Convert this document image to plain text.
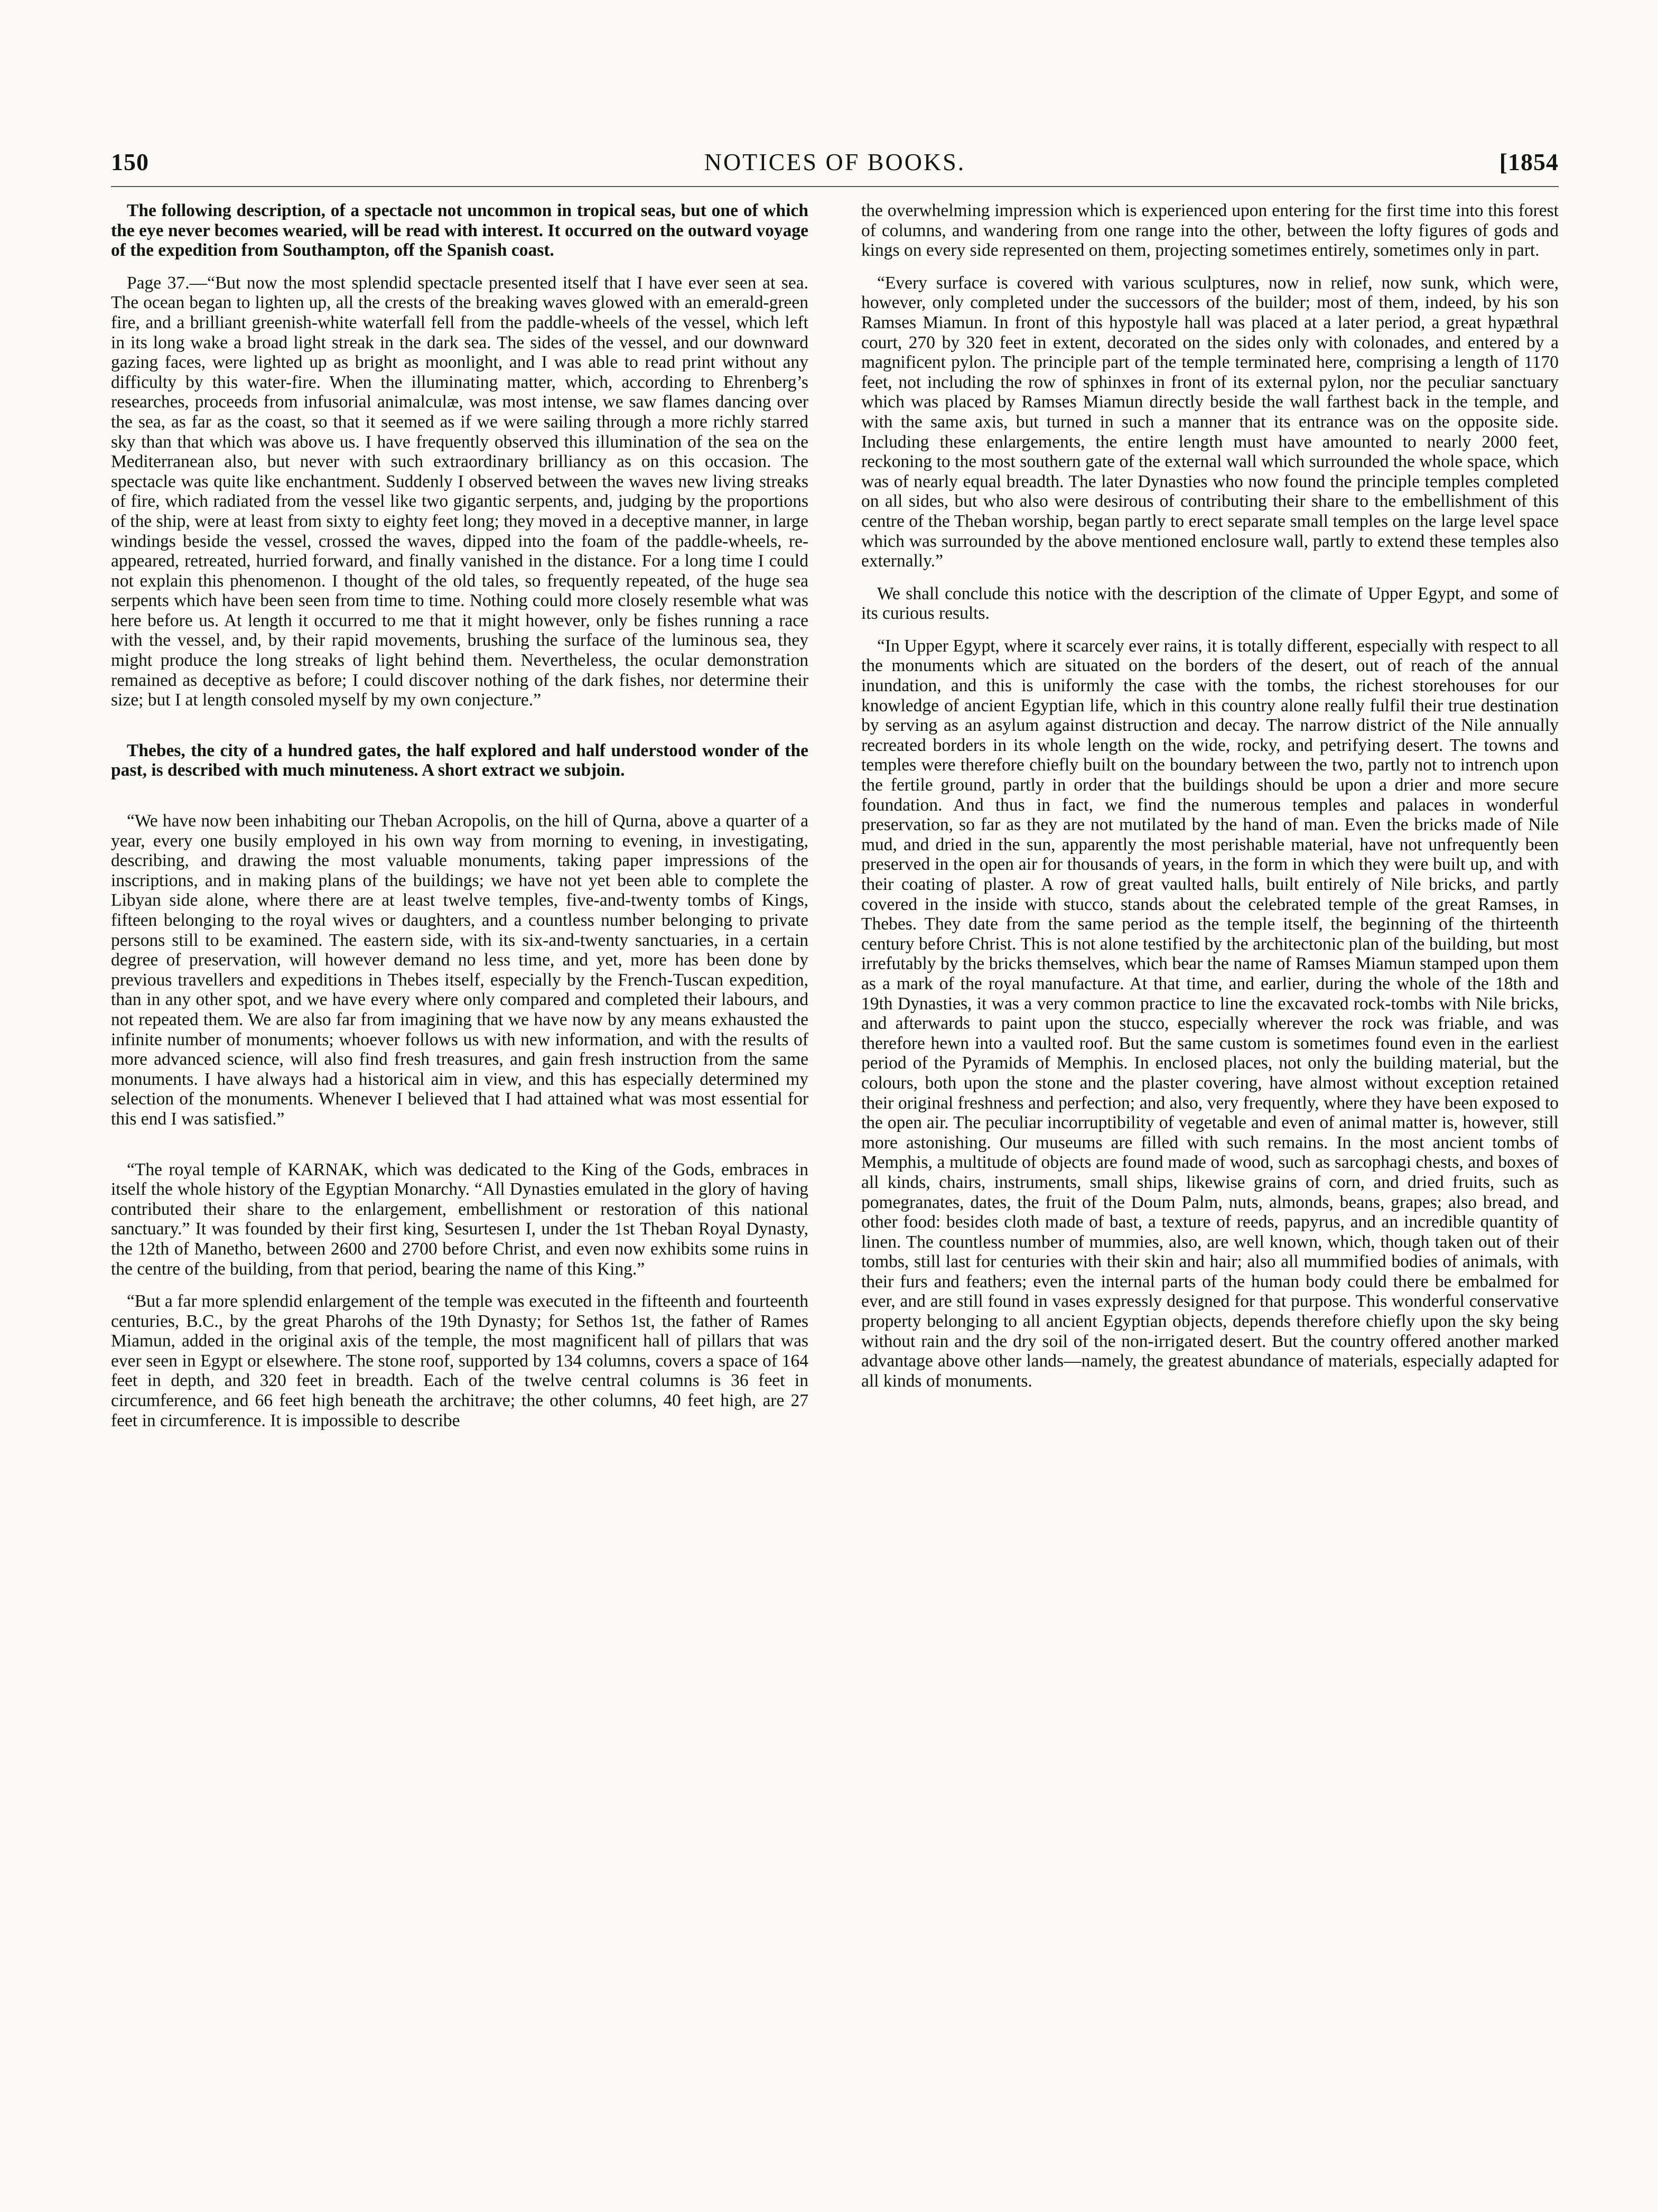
150	NOTICES OF BOOKS.	[1854

The following description, of a spectacle not uncommon in tropical seas, but one of which the eye never becomes wearied, will be read with interest. It occurred on the outward voyage of the expedition from Southampton, off the Spanish coast.

Page 37.—“But now the most splendid spectacle presented itself that I have ever seen at sea. The ocean began to lighten up, all the crests of the breaking waves glowed with an emerald-green fire, and a brilliant greenish-white waterfall fell from the paddle-wheels of the vessel, which left in its long wake a broad light streak in the dark sea. The sides of the vessel, and our downward gazing faces, were lighted up as bright as moonlight, and I was able to read print without any difficulty by this water-fire. When the illuminating matter, which, according to Ehrenberg’s researches, proceeds from infusorial animalculæ, was most intense, we saw flames dancing over the sea, as far as the coast, so that it seemed as if we were sailing through a more richly starred sky than that which was above us. I have frequently observed this illumination of the sea on the Mediterranean also, but never with such extraordinary brilliancy as on this occasion. The spectacle was quite like enchantment. Suddenly I observed between the waves new living streaks of fire, which radiated from the vessel like two gigantic serpents, and, judging by the proportions of the ship, were at least from sixty to eighty feet long; they moved in a deceptive manner, in large windings beside the vessel, crossed the waves, dipped into the foam of the paddle-wheels, re-appeared, retreated, hurried forward, and finally vanished in the distance. For a long time I could not explain this phenomenon. I thought of the old tales, so frequently repeated, of the huge sea serpents which have been seen from time to time. Nothing could more closely resemble what was here before us. At length it occurred to me that it might however, only be fishes running a race with the vessel, and, by their rapid movements, brushing the surface of the luminous sea, they might produce the long streaks of light behind them. Nevertheless, the ocular demonstration remained as deceptive as before; I could discover nothing of the dark fishes, nor determine their size; but I at length consoled myself by my own conjecture.”

Thebes, the city of a hundred gates, the half explored and half understood wonder of the past, is described with much minuteness. A short extract we subjoin.

“We have now been inhabiting our Theban Acropolis, on the hill of Qurna, above a quarter of a year, every one busily employed in his own way from morning to evening, in investigating, describing, and drawing the most valuable monuments, taking paper impressions of the inscriptions, and in making plans of the buildings; we have not yet been able to complete the Libyan side alone, where there are at least twelve temples, five-and-twenty tombs of Kings, fifteen belonging to the royal wives or daughters, and a countless number belonging to private persons still to be examined. The eastern side, with its six-and-twenty sanctuaries, in a certain degree of preservation, will however demand no less time, and yet, more has been done by previous travellers and expeditions in Thebes itself, especially by the French-Tuscan expedition, than in any other spot, and we have every where only compared and completed their labours, and not repeated them. We are also far from imagining that we have now by any means exhausted the infinite number of monuments; whoever follows us with new information, and with the results of more advanced science, will also find fresh treasures, and gain fresh instruction from the same monuments. I have always had a historical aim in view, and this has especially determined my selection of the monuments. Whenever I believed that I had attained what was most essential for this end I was satisfied.”

“The royal temple of KARNAK, which was dedicated to the King of the Gods, embraces in itself the whole history of the Egyptian Monarchy. “All Dynasties emulated in the glory of having contributed their share to the enlargement, embellishment or restoration of this national sanctuary.” It was founded by their first king, Sesurtesen I, under the 1st Theban Royal Dynasty, the 12th of Manetho, between 2600 and 2700 before Christ, and even now exhibits some ruins in the centre of the building, from that period, bearing the name of this King.”

“But a far more splendid enlargement of the temple was executed in the fifteenth and fourteenth centuries, B.C., by the great Pharohs of the 19th Dynasty; for Sethos 1st, the father of Rames Miamun, added in the original axis of the temple, the most magnificent hall of pillars that was ever seen in Egypt or elsewhere. The stone roof, supported by 134 columns, covers a space of 164 feet in depth, and 320 feet in breadth. Each of the twelve central columns is 36 feet in circumference, and 66 feet high beneath the architrave; the other columns, 40 feet high, are 27 feet in circumference. It is impossible to describe

the overwhelming impression which is experienced upon entering for the first time into this forest of columns, and wandering from one range into the other, between the lofty figures of gods and kings on every side represented on them, projecting sometimes entirely, sometimes only in part.

“Every surface is covered with various sculptures, now in relief, now sunk, which were, however, only completed under the successors of the builder; most of them, indeed, by his son Ramses Miamun. In front of this hypostyle hall was placed at a later period, a great hypæthral court, 270 by 320 feet in extent, decorated on the sides only with colonades, and entered by a magnificent pylon. The principle part of the temple terminated here, comprising a length of 1170 feet, not including the row of sphinxes in front of its external pylon, nor the peculiar sanctuary which was placed by Ramses Miamun directly beside the wall farthest back in the temple, and with the same axis, but turned in such a manner that its entrance was on the opposite side. Including these enlargements, the entire length must have amounted to nearly 2000 feet, reckoning to the most southern gate of the external wall which surrounded the whole space, which was of nearly equal breadth. The later Dynasties who now found the principle temples completed on all sides, but who also were desirous of contributing their share to the embellishment of this centre of the Theban worship, began partly to erect separate small temples on the large level space which was surrounded by the above mentioned enclosure wall, partly to extend these temples also externally.”

We shall conclude this notice with the description of the climate of Upper Egypt, and some of its curious results.

“In Upper Egypt, where it scarcely ever rains, it is totally different, especially with respect to all the monuments which are situated on the borders of the desert, out of reach of the annual inundation, and this is uniformly the case with the tombs, the richest storehouses for our knowledge of ancient Egyptian life, which in this country alone really fulfil their true destination by serving as an asylum against distruction and decay. The narrow district of the Nile annually recreated borders in its whole length on the wide, rocky, and petrifying desert. The towns and temples were therefore chiefly built on the boundary between the two, partly not to intrench upon the fertile ground, partly in order that the buildings should be upon a drier and more secure foundation. And thus in fact, we find the numerous temples and palaces in wonderful preservation, so far as they are not mutilated by the hand of man. Even the bricks made of Nile mud, and dried in the sun, apparently the most perishable material, have not unfrequently been preserved in the open air for thousands of years, in the form in which they were built up, and with their coating of plaster. A row of great vaulted halls, built entirely of Nile bricks, and partly covered in the inside with stucco, stands about the celebrated temple of the great Ramses, in Thebes. They date from the same period as the temple itself, the beginning of the thirteenth century before Christ. This is not alone testified by the architectonic plan of the building, but most irrefutably by the bricks themselves, which bear the name of Ramses Miamun stamped upon them as a mark of the royal manufacture. At that time, and earlier, during the whole of the 18th and 19th Dynasties, it was a very common practice to line the excavated rock-tombs with Nile bricks, and afterwards to paint upon the stucco, especially wherever the rock was friable, and was therefore hewn into a vaulted roof. But the same custom is sometimes found even in the earliest period of the Pyramids of Memphis. In enclosed places, not only the building material, but the colours, both upon the stone and the plaster covering, have almost without exception retained their original freshness and perfection; and also, very frequently, where they have been exposed to the open air. The peculiar incorruptibility of vegetable and even of animal matter is, however, still more astonishing. Our museums are filled with such remains. In the most ancient tombs of Memphis, a multitude of objects are found made of wood, such as sarcophagi chests, and boxes of all kinds, chairs, instruments, small ships, likewise grains of corn, and dried fruits, such as pomegranates, dates, the fruit of the Doum Palm, nuts, almonds, beans, grapes; also bread, and other food: besides cloth made of bast, a texture of reeds, papyrus, and an incredible quantity of linen. The countless number of mummies, also, are well known, which, though taken out of their tombs, still last for centuries with their skin and hair; also all mummified bodies of animals, with their furs and feathers; even the internal parts of the human body could there be embalmed for ever, and are still found in vases expressly designed for that purpose. This wonderful conservative property belonging to all ancient Egyptian objects, depends therefore chiefly upon the sky being without rain and the dry soil of the non-irrigated desert. But the country offered another marked advantage above other lands—namely, the greatest abundance of materials, especially adapted for all kinds of monuments.
